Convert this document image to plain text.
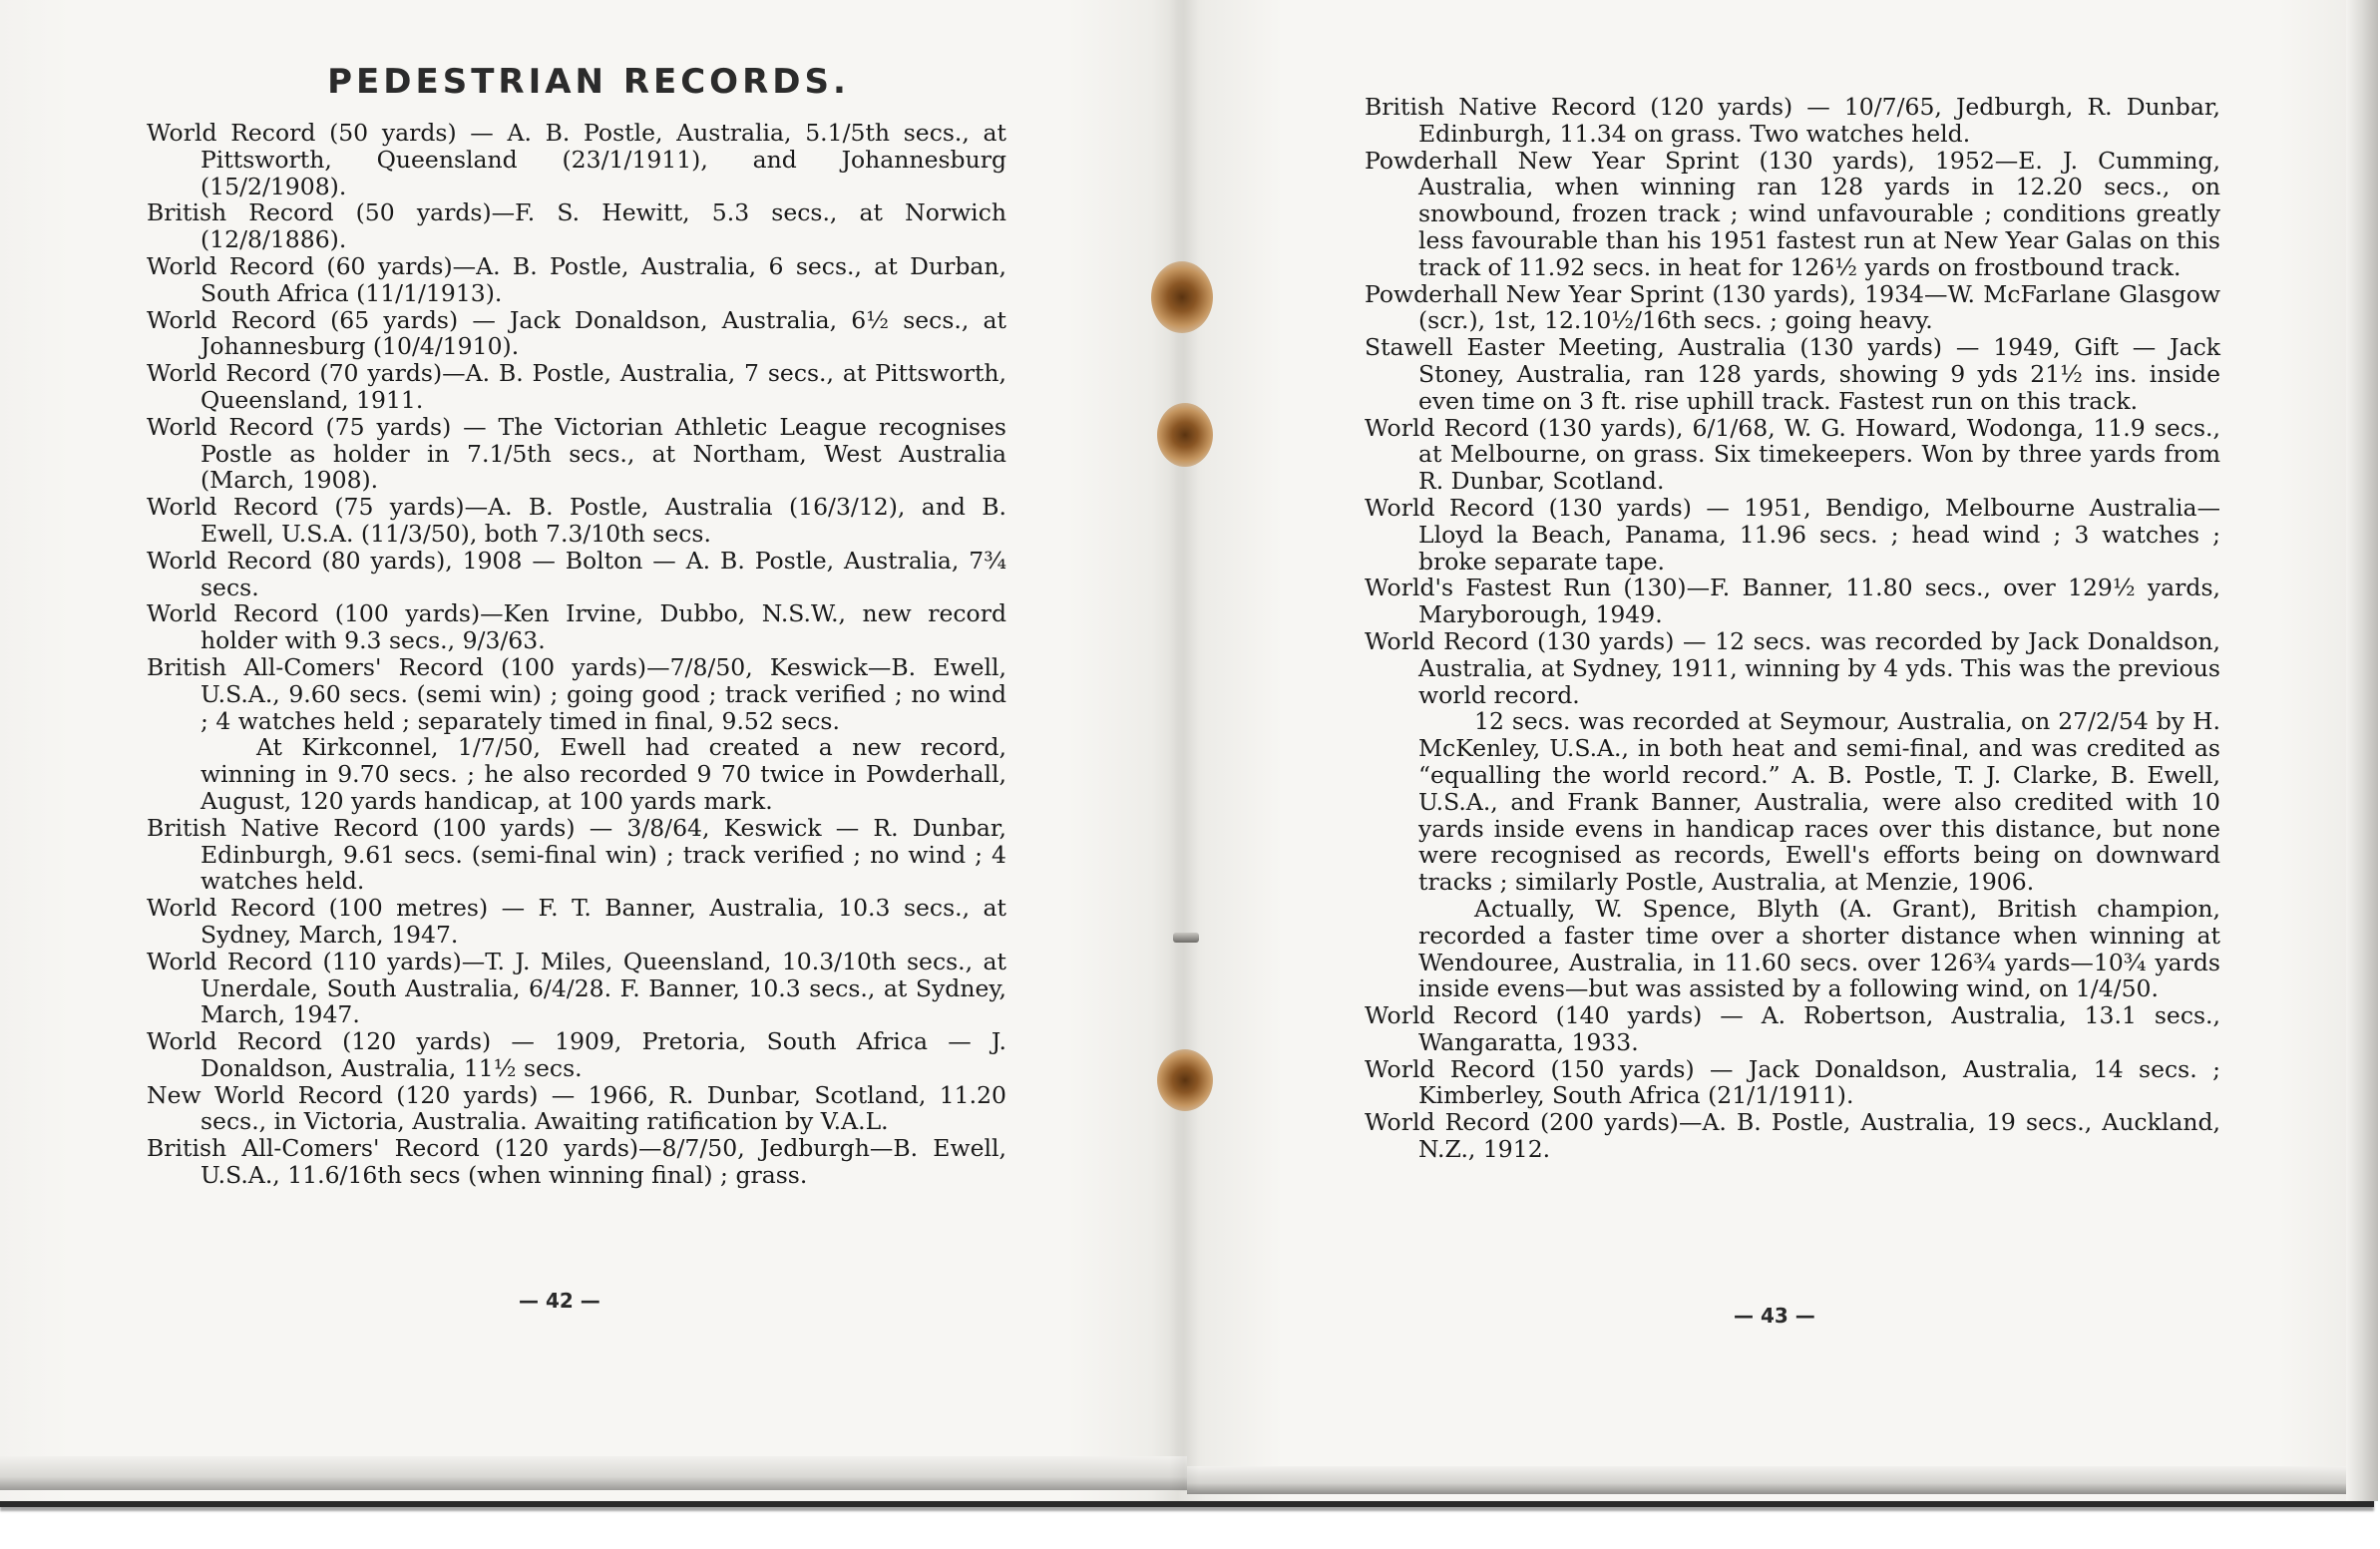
PEDESTRIAN RECORDS.

World Record (50 yards) — A. B. Postle, Australia, 5.1/5th secs., at Pittsworth, Queensland (23/1/1911), and Johannesburg (15/2/1908).

British Record (50 yards)—F. S. Hewitt, 5.3 secs., at Norwich (12/8/1886).

World Record (60 yards)—A. B. Postle, Australia, 6 secs., at Durban, South Africa (11/1/1913).

World Record (65 yards) — Jack Donaldson, Australia, 6½ secs., at Johannesburg (10/4/1910).

World Record (70 yards)—A. B. Postle, Australia, 7 secs., at Pittsworth, Queensland, 1911.

World Record (75 yards) — The Victorian Athletic League recognises Postle as holder in 7.1/5th secs., at Northam, West Australia (March, 1908).

World Record (75 yards)—A. B. Postle, Australia (16/3/12), and B. Ewell, U.S.A. (11/3/50), both 7.3/10th secs.

World Record (80 yards), 1908 — Bolton — A. B. Postle, Australia, 7¾ secs.

World Record (100 yards)—Ken Irvine, Dubbo, N.S.W., new record holder with 9.3 secs., 9/3/63.

British All-Comers' Record (100 yards)—7/8/50, Keswick—B. Ewell, U.S.A., 9.60 secs. (semi win) ; going good ; track verified ; no wind ; 4 watches held ; separately timed in final, 9.52 secs.

At Kirkconnel, 1/7/50, Ewell had created a new record, winning in 9.70 secs. ; he also recorded 9 70 twice in Powderhall, August, 120 yards handicap, at 100 yards mark.

British Native Record (100 yards) — 3/8/64, Keswick — R. Dunbar, Edinburgh, 9.61 secs. (semi-final win) ; track verified ; no wind ; 4 watches held.

World Record (100 metres) — F. T. Banner, Australia, 10.3 secs., at Sydney, March, 1947.

World Record (110 yards)—T. J. Miles, Queensland, 10.3/10th secs., at Unerdale, South Australia, 6/4/28. F. Banner, 10.3 secs., at Sydney, March, 1947.

World Record (120 yards) — 1909, Pretoria, South Africa — J. Donaldson, Australia, 11½ secs.

New World Record (120 yards) — 1966, R. Dunbar, Scotland, 11.20 secs., in Victoria, Australia. Awaiting ratification by V.A.L.

British All-Comers' Record (120 yards)—8/7/50, Jedburgh—B. Ewell, U.S.A., 11.6/16th secs (when winning final) ; grass.

British Native Record (120 yards) — 10/7/65, Jedburgh, R. Dunbar, Edinburgh, 11.34 on grass. Two watches held.

Powderhall New Year Sprint (130 yards), 1952—E. J. Cumming, Australia, when winning ran 128 yards in 12.20 secs., on snowbound, frozen track ; wind unfavourable ; conditions greatly less favourable than his 1951 fastest run at New Year Galas on this track of 11.92 secs. in heat for 126½ yards on frostbound track.

Powderhall New Year Sprint (130 yards), 1934—W. McFarlane Glasgow (scr.), 1st, 12.10½/16th secs. ; going heavy.

Stawell Easter Meeting, Australia (130 yards) — 1949, Gift — Jack Stoney, Australia, ran 128 yards, showing 9 yds 21½ ins. inside even time on 3 ft. rise uphill track. Fastest run on this track.

World Record (130 yards), 6/1/68, W. G. Howard, Wodonga, 11.9 secs., at Melbourne, on grass. Six timekeepers. Won by three yards from R. Dunbar, Scotland.

World Record (130 yards) — 1951, Bendigo, Melbourne Australia—Lloyd la Beach, Panama, 11.96 secs. ; head wind ; 3 watches ; broke separate tape.

World's Fastest Run (130)—F. Banner, 11.80 secs., over 129½ yards, Maryborough, 1949.

World Record (130 yards) — 12 secs. was recorded by Jack Donaldson, Australia, at Sydney, 1911, winning by 4 yds. This was the previous world record.

12 secs. was recorded at Seymour, Australia, on 27/2/54 by H. McKenley, U.S.A., in both heat and semi-final, and was credited as “equalling the world record.” A. B. Postle, T. J. Clarke, B. Ewell, U.S.A., and Frank Banner, Australia, were also credited with 10 yards inside evens in handicap races over this distance, but none were recognised as records, Ewell's efforts being on downward tracks ; similarly Postle, Australia, at Menzie, 1906.

Actually, W. Spence, Blyth (A. Grant), British champion, recorded a faster time over a shorter distance when winning at Wendouree, Australia, in 11.60 secs. over 126¾ yards—10¾ yards inside evens—but was assisted by a following wind, on 1/4/50.

World Record (140 yards) — A. Robertson, Australia, 13.1 secs., Wangaratta, 1933.

World Record (150 yards) — Jack Donaldson, Australia, 14 secs. ; Kimberley, South Africa (21/1/1911).

World Record (200 yards)—A. B. Postle, Australia, 19 secs., Auckland, N.Z., 1912.

— 42 —
— 43 —
